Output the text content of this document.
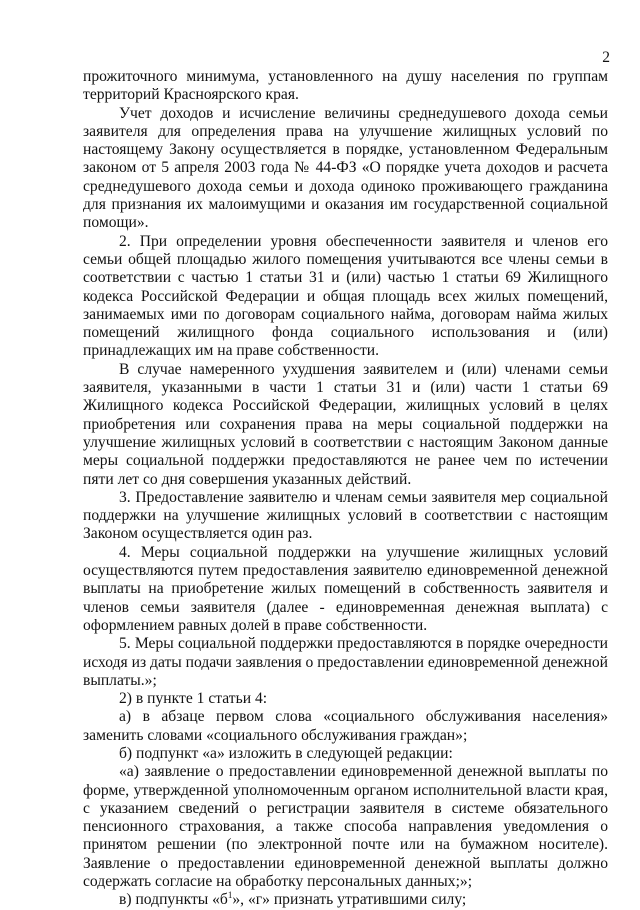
2

прожиточного минимума, установленного на душу населения по группам территорий Красноярского края.

Учет доходов и исчисление величины среднедушевого дохода семьи заявителя для определения права на улучшение жилищных условий по настоящему Закону осуществляется в порядке, установленном Федеральным законом от 5 апреля 2003 года № 44-ФЗ «О порядке учета доходов и расчета среднедушевого дохода семьи и дохода одиноко проживающего гражданина для признания их малоимущими и оказания им государственной социальной помощи».

2. При определении уровня обеспеченности заявителя и членов его семьи общей площадью жилого помещения учитываются все члены семьи в соответствии с частью 1 статьи 31 и (или) частью 1 статьи 69 Жилищного кодекса Российской Федерации и общая площадь всех жилых помещений, занимаемых ими по договорам социального найма, договорам найма жилых помещений жилищного фонда социального использования и (или) принадлежащих им на праве собственности.

В случае намеренного ухудшения заявителем и (или) членами семьи заявителя, указанными в части 1 статьи 31 и (или) части 1 статьи 69 Жилищного кодекса Российской Федерации, жилищных условий в целях приобретения или сохранения права на меры социальной поддержки на улучшение жилищных условий в соответствии с настоящим Законом данные меры социальной поддержки предоставляются не ранее чем по истечении пяти лет со дня совершения указанных действий.

3. Предоставление заявителю и членам семьи заявителя мер социальной поддержки на улучшение жилищных условий в соответствии с настоящим Законом осуществляется один раз.

4. Меры социальной поддержки на улучшение жилищных условий осуществляются путем предоставления заявителю единовременной денежной выплаты на приобретение жилых помещений в собственность заявителя и членов семьи заявителя (далее - единовременная денежная выплата) с оформлением равных долей в праве собственности.

5. Меры социальной поддержки предоставляются в порядке очередности исходя из даты подачи заявления о предоставлении единовременной денежной выплаты.»;

2) в пункте 1 статьи 4:

а) в абзаце первом слова «социального обслуживания населения» заменить словами «социального обслуживания граждан»;

б) подпункт «а» изложить в следующей редакции:

«а) заявление о предоставлении единовременной денежной выплаты по форме, утвержденной уполномоченным органом исполнительной власти края, с указанием сведений о регистрации заявителя в системе обязательного пенсионного страхования, а также способа направления уведомления о принятом решении (по электронной почте или на бумажном носителе). Заявление о предоставлении единовременной денежной выплаты должно содержать согласие на обработку персональных данных;»;

в) подпункты «$б^1$», «г» признать утратившими силу;
